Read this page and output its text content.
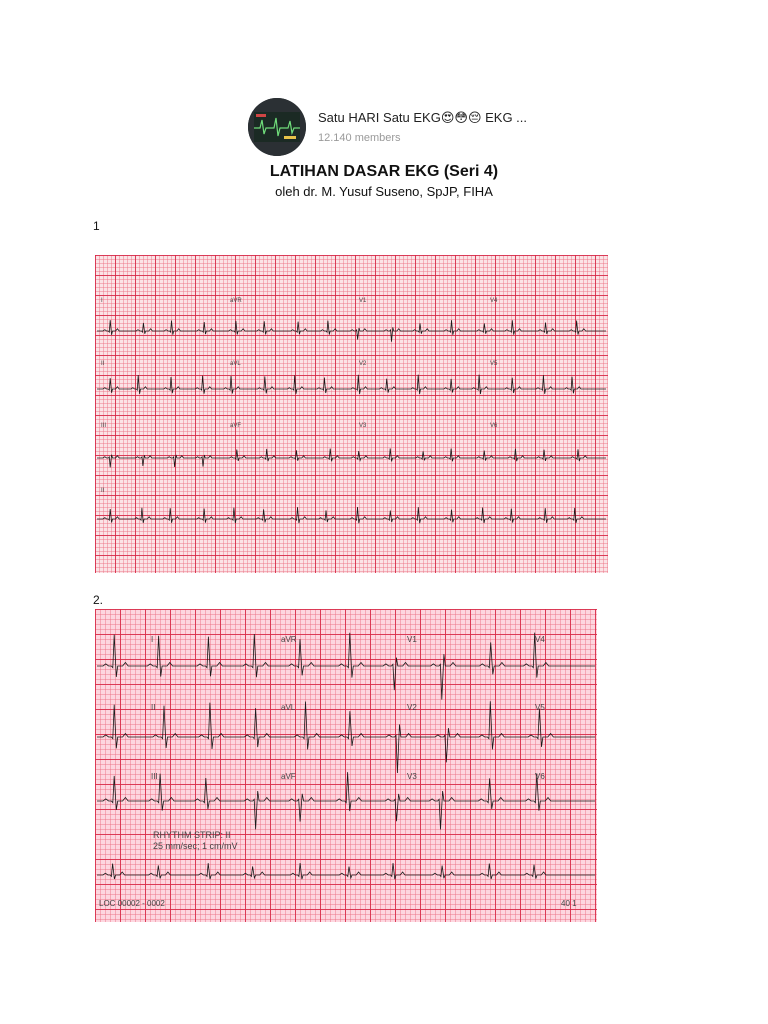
Satu HARI Satu EKG😍😳😔 EKG ...
12.140 members
LATIHAN DASAR EKG (Seri 4)
oleh dr. M. Yusuf Suseno, SpJP, FIHA
1
I	aVR	V1	V4
II	aVL	V2	V5
III	aVF	V3	V6
II
2.
I	aVR	V1	V4
II	aVL	V2	V5
III	aVF	V3	V6
RHYTHM STRIP: II
25 mm/sec; 1 cm/mV
LOC 00002 - 0002	40 1
